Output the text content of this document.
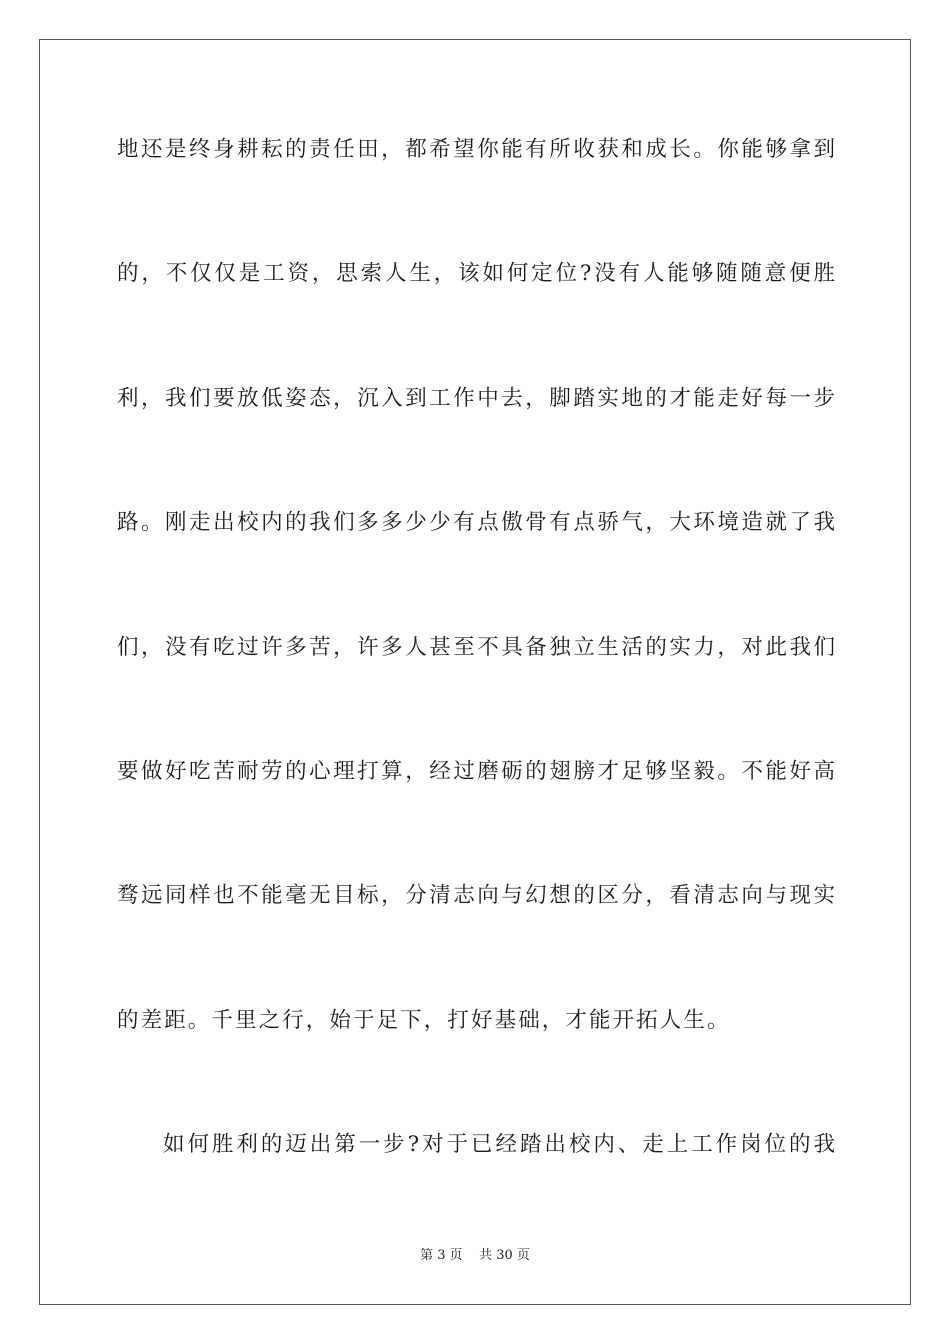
地还是终身耕耘的责任田，都希望你能有所收获和成长。你能够拿到
的，不仅仅是工资，思索人生，该如何定位?没有人能够随随意便胜
利，我们要放低姿态，沉入到工作中去，脚踏实地的才能走好每一步
路。刚走出校内的我们多多少少有点傲骨有点骄气，大环境造就了我
们，没有吃过许多苦，许多人甚至不具备独立生活的实力，对此我们
要做好吃苦耐劳的心理打算，经过磨砺的翅膀才足够坚毅。不能好高
骛远同样也不能毫无目标，分清志向与幻想的区分，看清志向与现实
的差距。千里之行，始于足下，打好基础，才能开拓人生。
如何胜利的迈出第一步?对于已经踏出校内、走上工作岗位的我
第 3 页    共 30 页
